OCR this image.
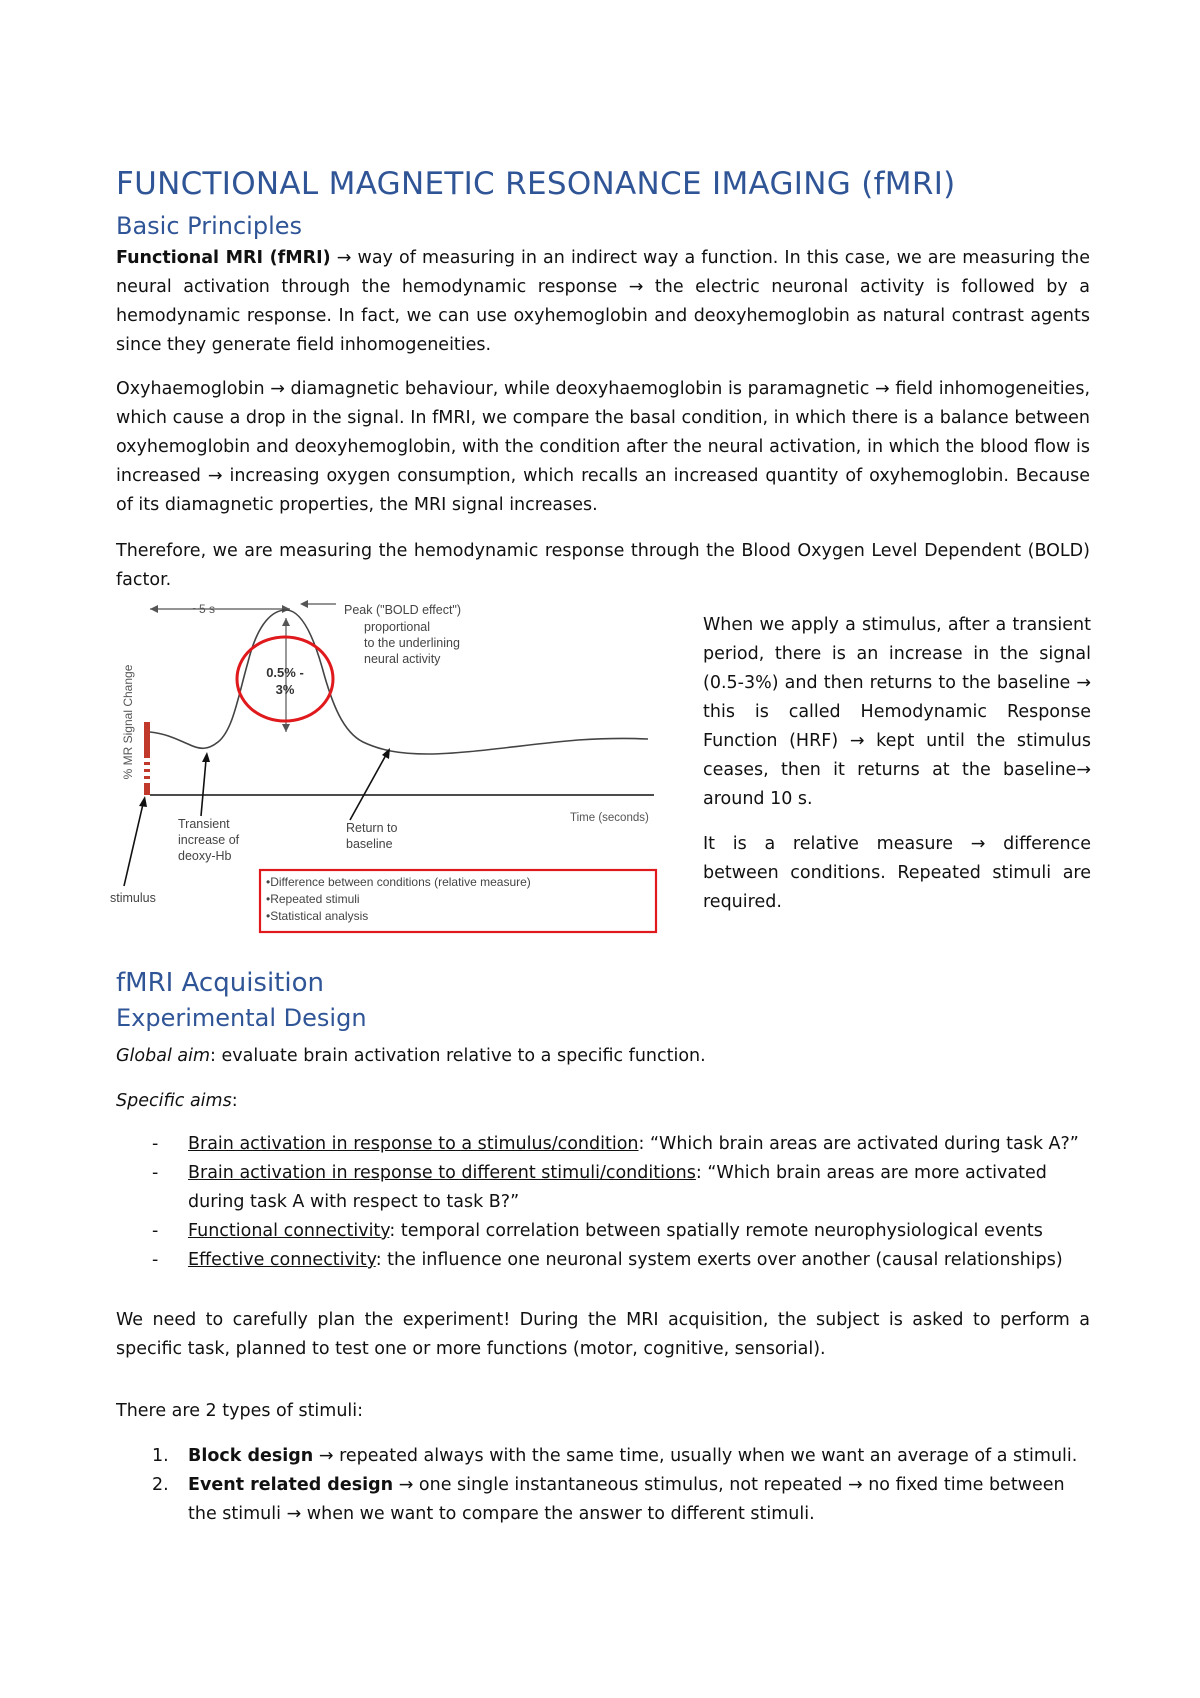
FUNCTIONAL MAGNETIC RESONANCE IMAGING (fMRI)
Basic Principles
Functional MRI (fMRI) → way of measuring in an indirect way a function. In this case, we are measuring the neural activation through the hemodynamic response → the electric neuronal activity is followed by a hemodynamic response. In fact, we can use oxyhemoglobin and deoxyhemoglobin as natural contrast agents since they generate field inhomogeneities.
Oxyhaemoglobin → diamagnetic behaviour, while deoxyhaemoglobin is paramagnetic → field inhomogeneities, which cause a drop in the signal. In fMRI, we compare the basal condition, in which there is a balance between oxyhemoglobin and deoxyhemoglobin, with the condition after the neural activation, in which the blood flow is increased → increasing oxygen consumption, which recalls an increased quantity of oxyhemoglobin. Because of its diamagnetic properties, the MRI signal increases.
Therefore, we are measuring the hemodynamic response through the Blood Oxygen Level Dependent (BOLD) factor.
% MR Signal Change
~5 s
Time (seconds)
Peak ("BOLD effect")
proportional
to the underlining
neural activity
0.5% -
3%
Transient
increase of
deoxy-Hb
Return to
baseline
stimulus
•Difference between conditions (relative measure)
•Repeated stimuli
•Statistical analysis

When we apply a stimulus, after a transient period, there is an increase in the signal (0.5-3%) and then returns to the baseline → this is called Hemodynamic Response Function (HRF) → kept until the stimulus ceases, then it returns at the baseline→ around 10 s.

It is a relative measure → difference between conditions. Repeated stimuli are required.

fMRI Acquisition
Experimental Design
Global aim: evaluate brain activation relative to a specific function.
Specific aims:
- Brain activation in response to a stimulus/condition: “Which brain areas are activated during task A?”
- Brain activation in response to different stimuli/conditions: “Which brain areas are more activated during task A with respect to task B?”
- Functional connectivity: temporal correlation between spatially remote neurophysiological events
- Effective connectivity: the influence one neuronal system exerts over another (causal relationships)
We need to carefully plan the experiment! During the MRI acquisition, the subject is asked to perform a specific task, planned to test one or more functions (motor, cognitive, sensorial).
There are 2 types of stimuli:
1. Block design → repeated always with the same time, usually when we want an average of a stimuli.
2. Event related design → one single instantaneous stimulus, not repeated → no fixed time between the stimuli → when we want to compare the answer to different stimuli.
